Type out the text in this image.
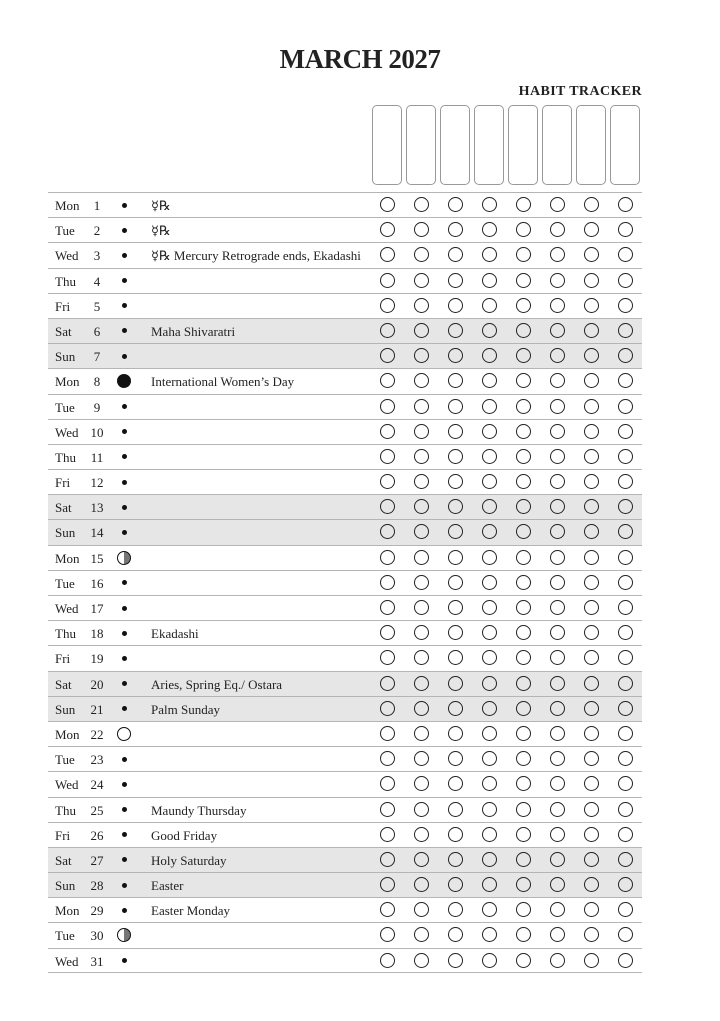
MARCH 2027
HABIT TRACKER
Mon	1	☿℞
Tue	2	☿℞
Wed	3	☿℞ Mercury Retrograde ends, Ekadashi
Thu	4
Fri	5
Sat	6	Maha Shivaratri
Sun	7
Mon	8	International Women’s Day
Tue	9
Wed 10
Thu	11
Fri	12
Sat	13
Sun	14
Mon 15
Tue	16
Wed 17
Thu	18	Ekadashi
Fri	19
Sat	20	Aries, Spring Eq./ Ostara
Sun	21	Palm Sunday
Mon 22
Tue	23
Wed 24
Thu	25	Maundy Thursday
Fri	26	Good Friday
Sat	27	Holy Saturday
Sun	28	Easter
Mon 29	Easter Monday
Tue	30
Wed 31
